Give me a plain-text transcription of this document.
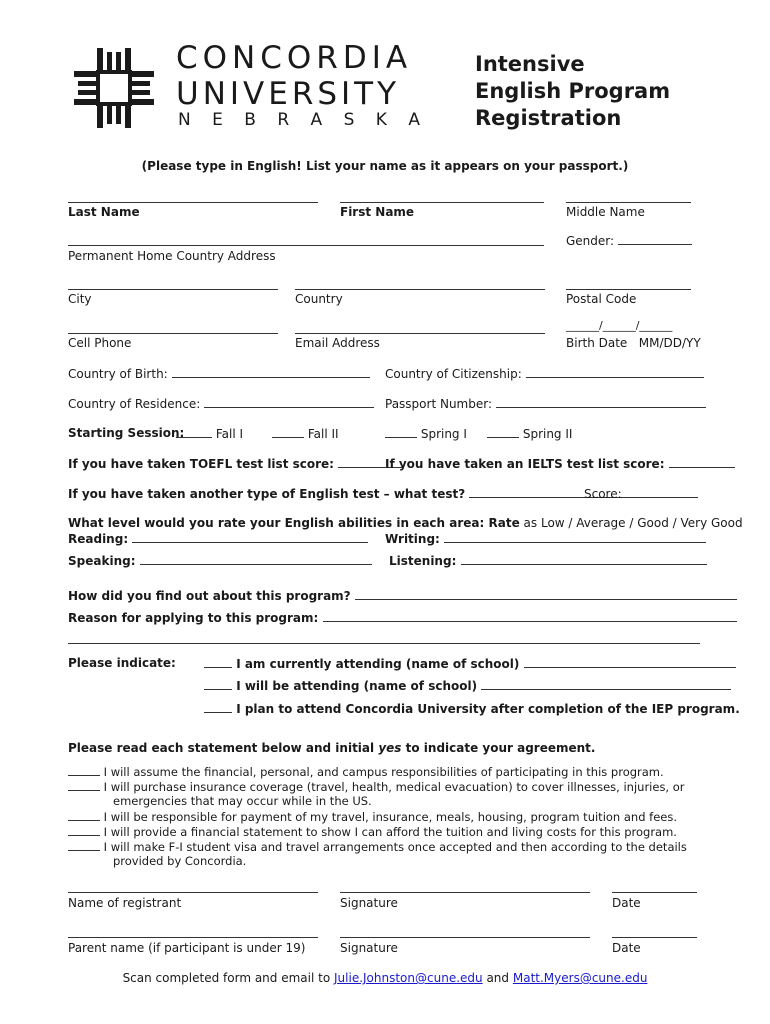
CONCORDIA
UNIVERSITY
N E B R A S K A
Intensive
English Program
Registration
(Please type in English! List your name as it appears on your passport.)
Last Name	First Name	Middle Name
Permanent Home Country Address
Gender:
City	Country	Postal Code
______/______/______
Cell Phone	Email Address	Birth Date MM/DD/YY
Country of Birth:	Country of Citizenship:
Country of Residence:	Passport Number:
Starting Session:	Fall I	Fall II	Spring I	Spring II
If you have taken TOEFL test list score:	If you have taken an IELTS test list score:
If you have taken another type of English test – what test?	Score:
What level would you rate your English abilities in each area: Rate as Low / Average / Good / Very Good
Reading:	Writing:
Speaking:	Listening:
How did you find out about this program?
Reason for applying to this program:
Please indicate:	I am currently attending (name of school)
I will be attending (name of school)
I plan to attend Concordia University after completion of the IEP program.
Please read each statement below and initial yes to indicate your agreement.
I will assume the financial, personal, and campus responsibilities of participating in this program.
I will purchase insurance coverage (travel, health, medical evacuation) to cover illnesses, injuries, or
emergencies that may occur while in the US.
I will be responsible for payment of my travel, insurance, meals, housing, program tuition and fees.
I will provide a financial statement to show I can afford the tuition and living costs for this program.
I will make F-I student visa and travel arrangements once accepted and then according to the details
provided by Concordia.
Name of registrant	Signature	Date
Parent name (if participant is under 19)	Signature	Date
Scan completed form and email to Julie.Johnston@cune.edu and Matt.Myers@cune.edu
